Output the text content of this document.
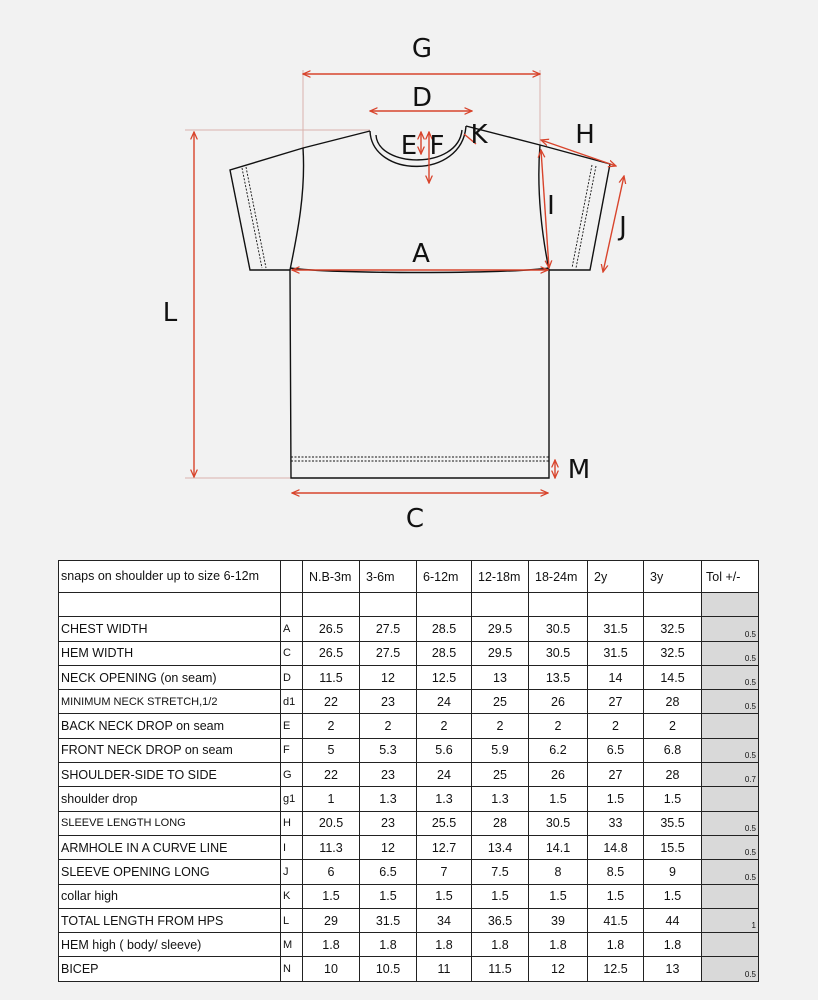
G
D
E F K	H
I
J
A
L
M
C
snaps on shoulder up to size 6-12m		N.B-3m	3-6m	6-12m	12-18m	18-24m	2y	3y	Tol +/-

CHEST WIDTH	A	26.5	27.5	28.5	29.5	30.5	31.5	32.5	0.5
HEM WIDTH	C	26.5	27.5	28.5	29.5	30.5	31.5	32.5	0.5
NECK OPENING (on seam)	D	11.5	12	12.5	13	13.5	14	14.5	0.5
MINIMUM NECK STRETCH,1/2	d1	22	23	24	25	26	27	28	0.5
BACK NECK DROP on seam	E	2	2	2	2	2	2	2	
FRONT NECK DROP on seam	F	5	5.3	5.6	5.9	6.2	6.5	6.8	0.5
SHOULDER-SIDE TO SIDE	G	22	23	24	25	26	27	28	0.7
shoulder drop	g1	1	1.3	1.3	1.3	1.5	1.5	1.5	
SLEEVE LENGTH LONG	H	20.5	23	25.5	28	30.5	33	35.5	0.5
ARMHOLE IN A CURVE LINE	I	11.3	12	12.7	13.4	14.1	14.8	15.5	0.5
SLEEVE OPENING LONG	J	6	6.5	7	7.5	8	8.5	9	0.5
collar high	K	1.5	1.5	1.5	1.5	1.5	1.5	1.5	
TOTAL LENGTH FROM HPS	L	29	31.5	34	36.5	39	41.5	44	1
HEM high ( body/ sleeve)	M	1.8	1.8	1.8	1.8	1.8	1.8	1.8	
BICEP	N	10	10.5	11	11.5	12	12.5	13	0.5
